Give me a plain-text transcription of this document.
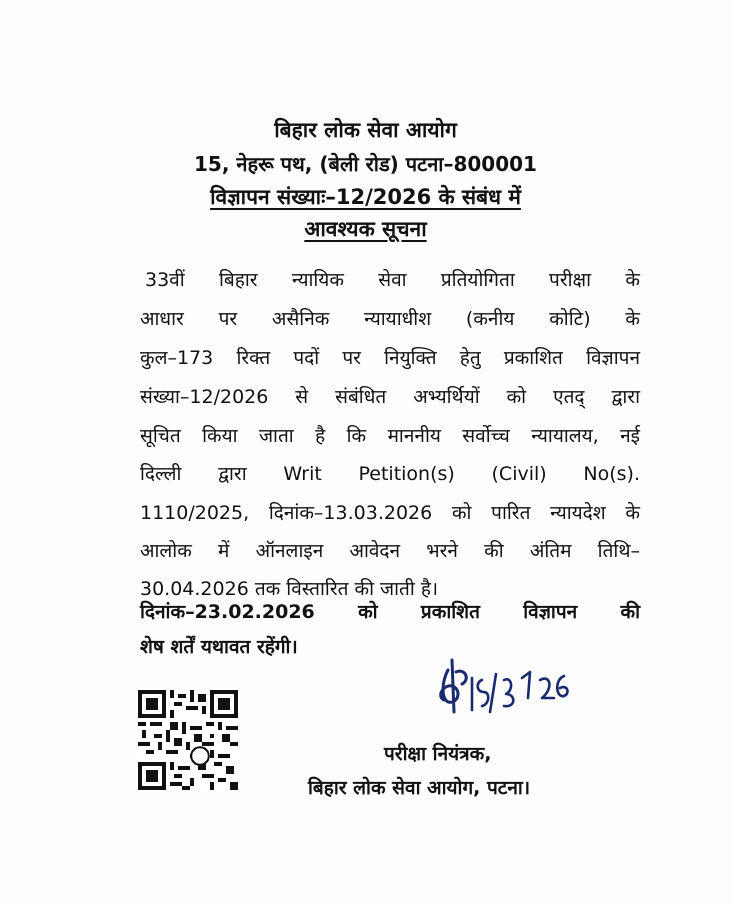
बिहार लोक सेवा आयोग
15, नेहरू पथ, (बेली रोड) पटना–800001
विज्ञापन संख्याः–12/2026 के संबंध में
आवश्यक सूचना
33वीं बिहार न्यायिक सेवा प्रतियोगिता परीक्षा के
आधार पर असैनिक न्यायाधीश (कनीय कोटि) के
कुल–173 रिक्त पदों पर नियुक्ति हेतु प्रकाशित विज्ञापन
संख्या–12/2026 से संबंधित अभ्यर्थियों को एतद् द्वारा
सूचित किया जाता है कि माननीय सर्वोच्च न्यायालय, नई
दिल्ली द्वारा Writ Petition(s) (Civil) No(s).
1110/2025, दिनांक–13.03.2026 को पारित न्यायदेश के
आलोक में ऑनलाइन आवेदन भरने की अंतिम तिथि–
30.04.2026 तक विस्तारित की जाती है।
दिनांक–23.02.2026 को प्रकाशित विज्ञापन की
शेष शर्तें यथावत रहेंगी।
परीक्षा नियंत्रक,
बिहार लोक सेवा आयोग, पटना।
